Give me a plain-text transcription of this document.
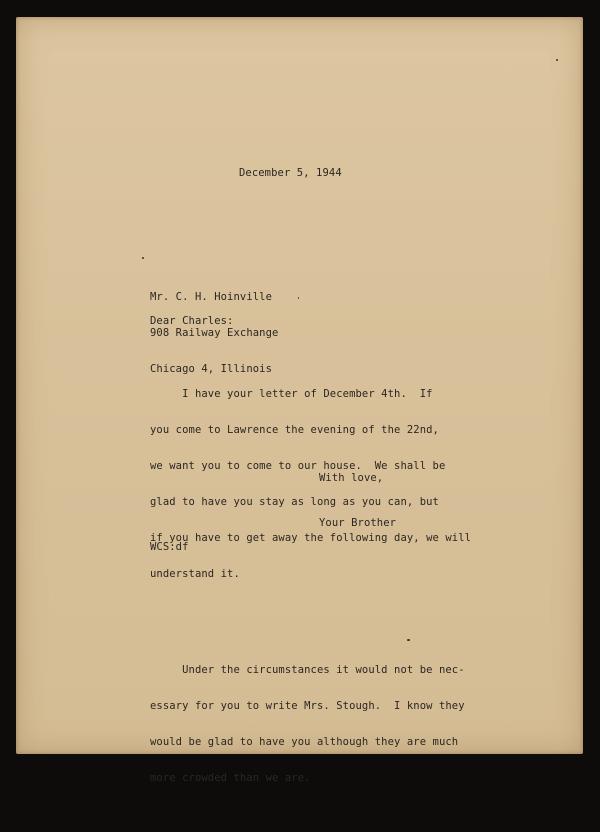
December 5, 1944

Mr. C. H. Hoinville

908 Railway Exchange

Chicago 4, Illinois

Dear Charles:

I have your letter of December 4th.  If

you come to Lawrence the evening of the 22nd,

we want you to come to our house.  We shall be

glad to have you stay as long as you can, but

if you have to get away the following day, we will

understand it.

Under the circumstances it would not be nec-

essary for you to write Mrs. Stough.  I know they

would be glad to have you although they are much

more crowded than we are.

With love,
Your Brother
WCS:df
